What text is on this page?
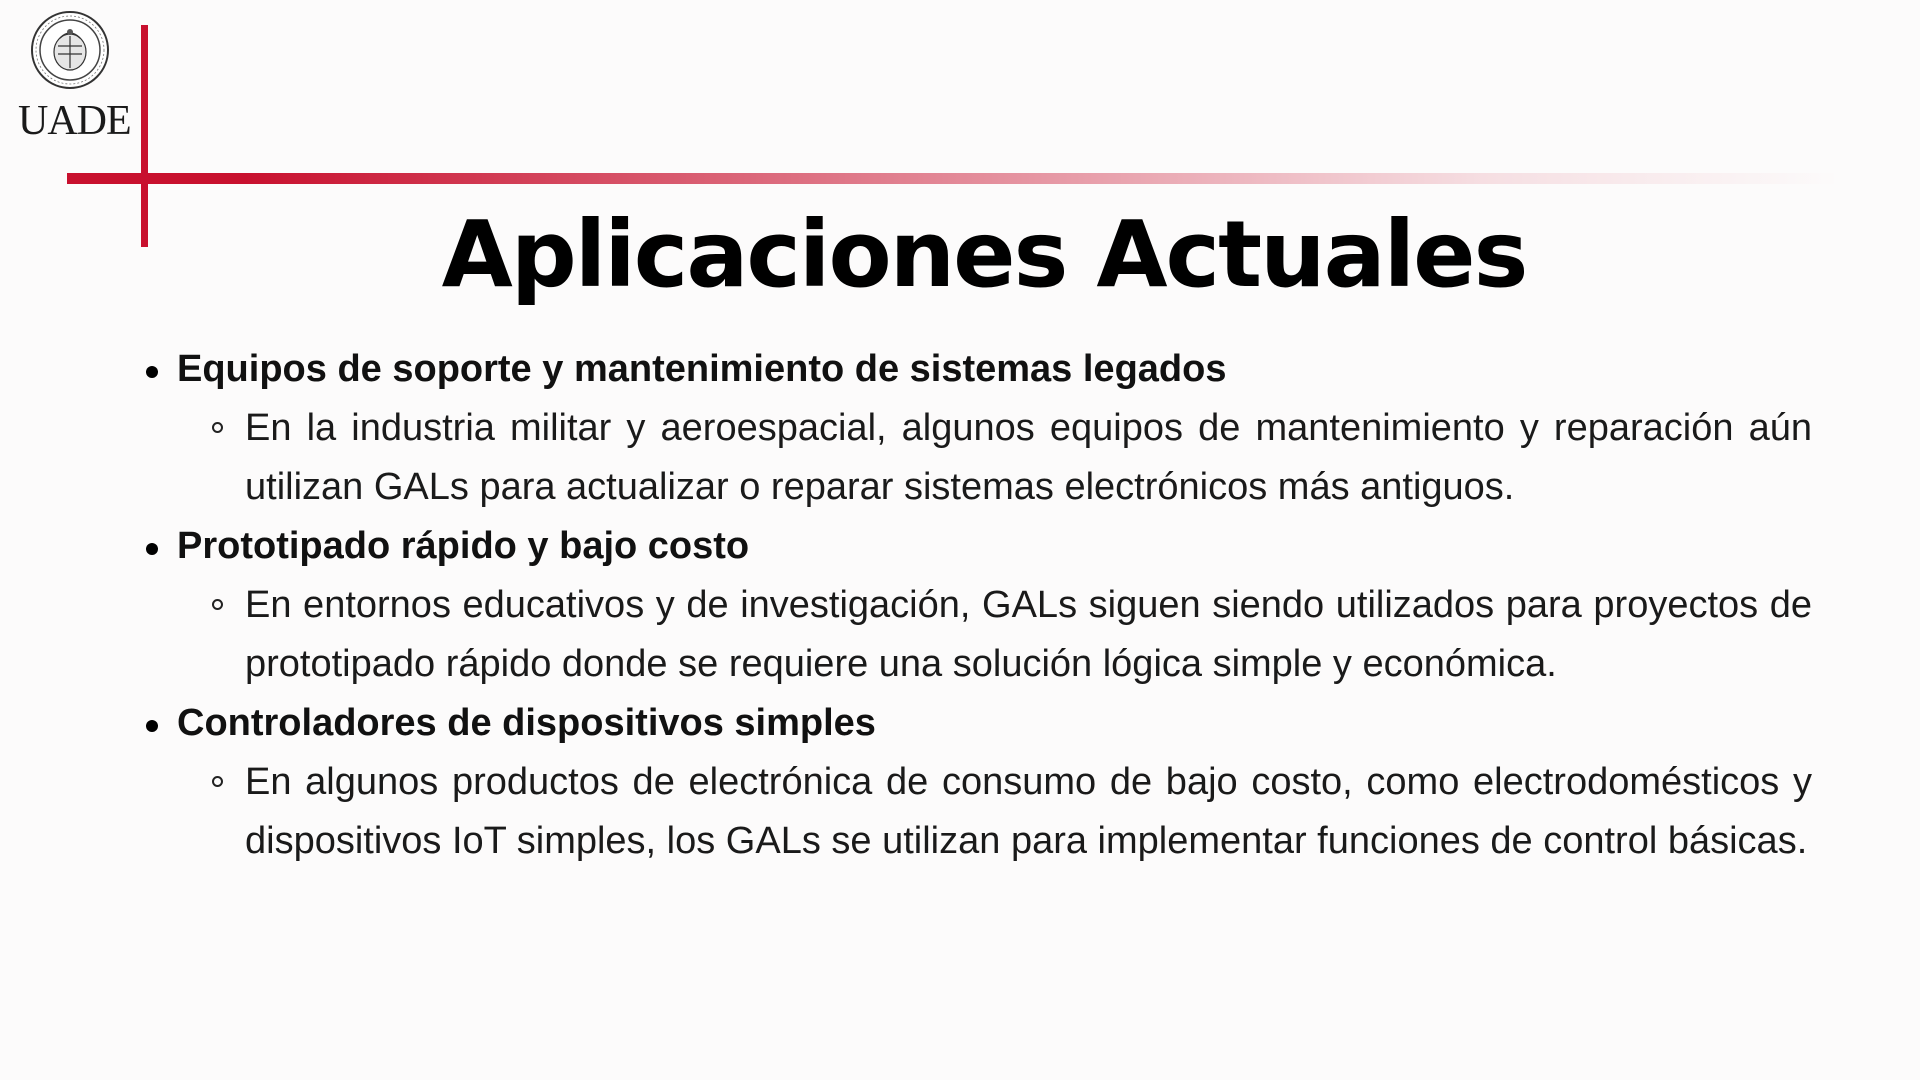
UADE
Aplicaciones Actuales
Equipos de soporte y mantenimiento de sistemas legados
En la industria militar y aeroespacial, algunos equipos de mantenimiento y reparación aún utilizan GALs para actualizar o reparar sistemas electrónicos más antiguos.
Prototipado rápido y bajo costo
En entornos educativos y de investigación, GALs siguen siendo utilizados para proyectos de prototipado rápido donde se requiere una solución lógica simple y económica.
Controladores de dispositivos simples
En algunos productos de electrónica de consumo de bajo costo, como electrodomésticos y dispositivos IoT simples, los GALs se utilizan para implementar funciones de control básicas.
